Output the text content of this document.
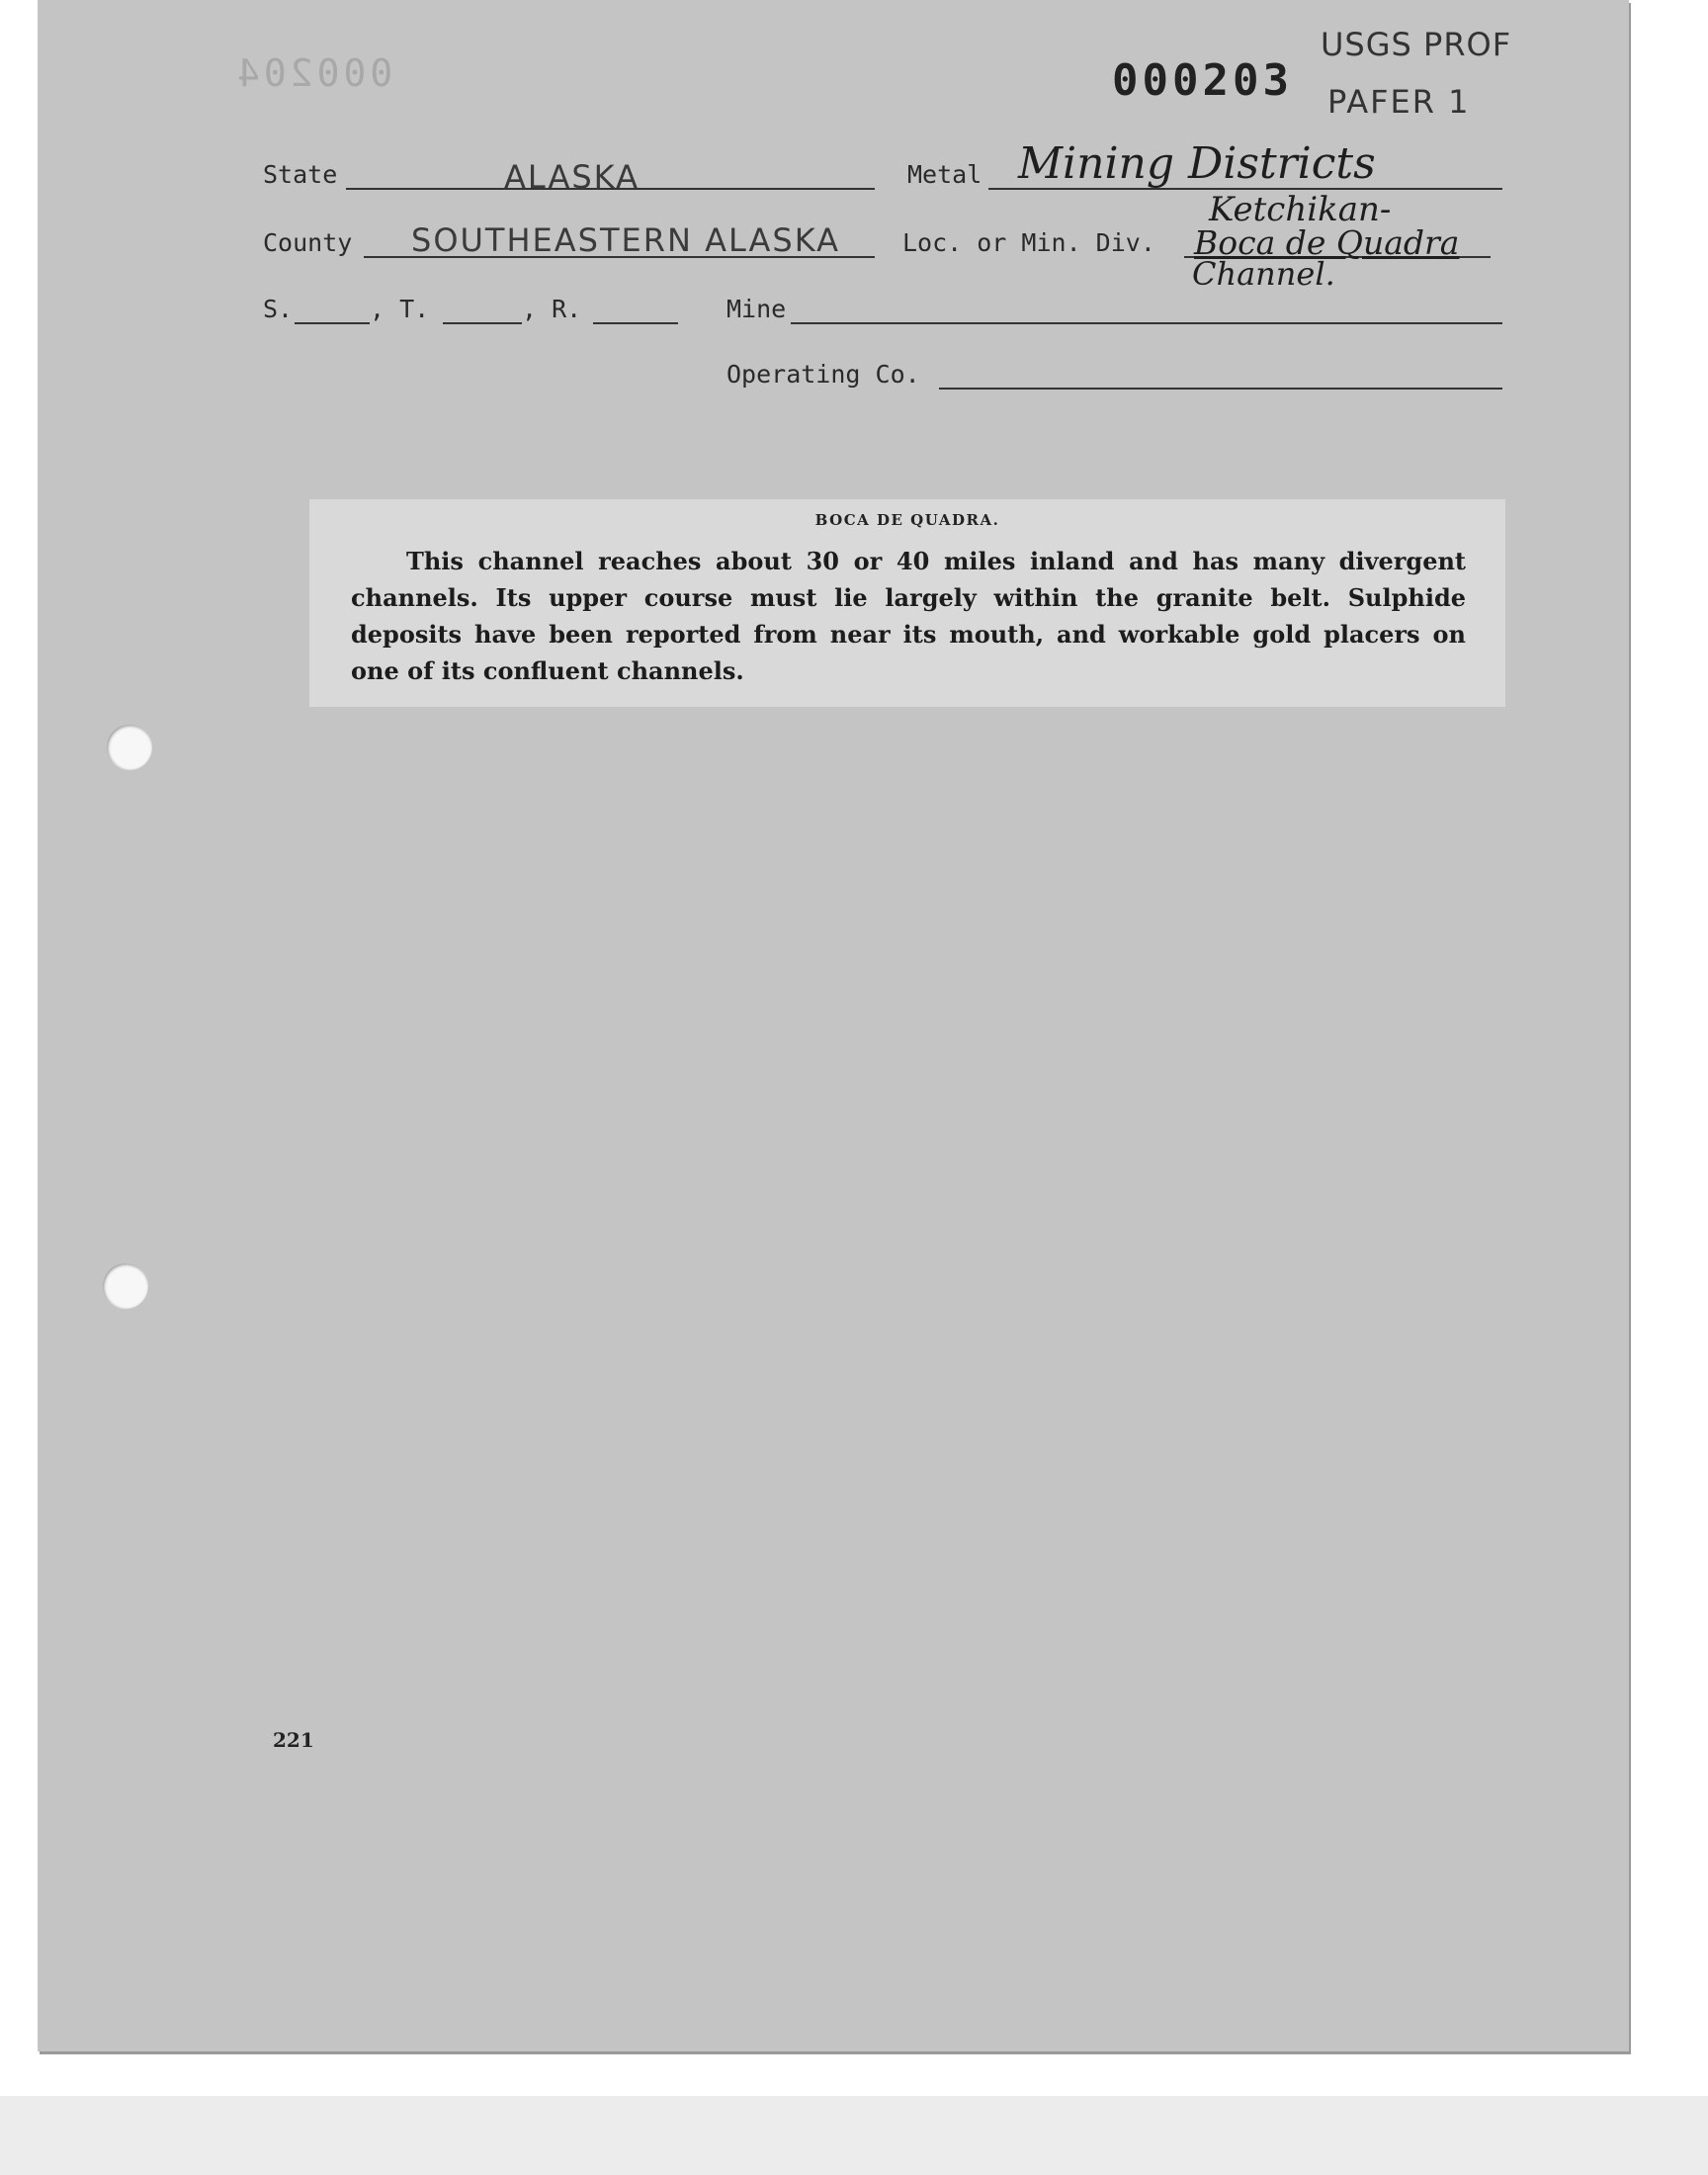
000204	000203
USGS PROF
PAFER 1
State	ALASKA	Metal Mining Districts
County SOUTHEASTERN ALASKA	Loc. or Min. Div.
Ketchikan-
Boca de Quadra
Channel.
S.	, T.	, R.	Mine
Operating Co.
BOCA DE QUADRA.
This channel reaches about 30 or 40 miles inland and has many divergent channels. Its upper course must lie largely within the granite belt. Sulphide deposits have been reported from near its mouth, and workable gold placers on one of its confluent channels.
221
